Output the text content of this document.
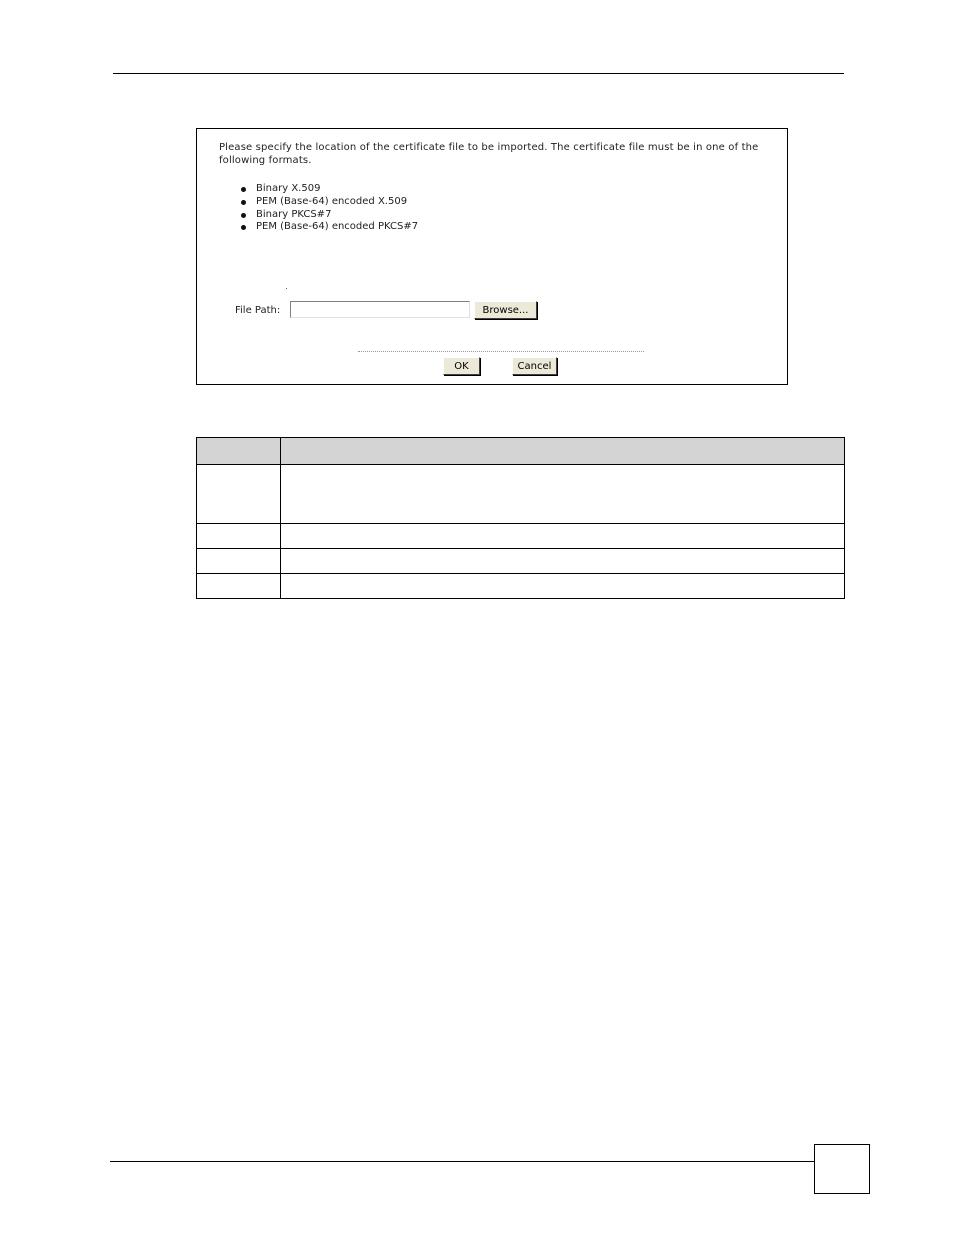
Please specify the location of the certificate file to be imported. The certificate file must be in one of the following formats.
Binary X.509
PEM (Base-64) encoded X.509
Binary PKCS#7
PEM (Base-64) encoded PKCS#7
File Path:	Browse...
OK	Cancel
